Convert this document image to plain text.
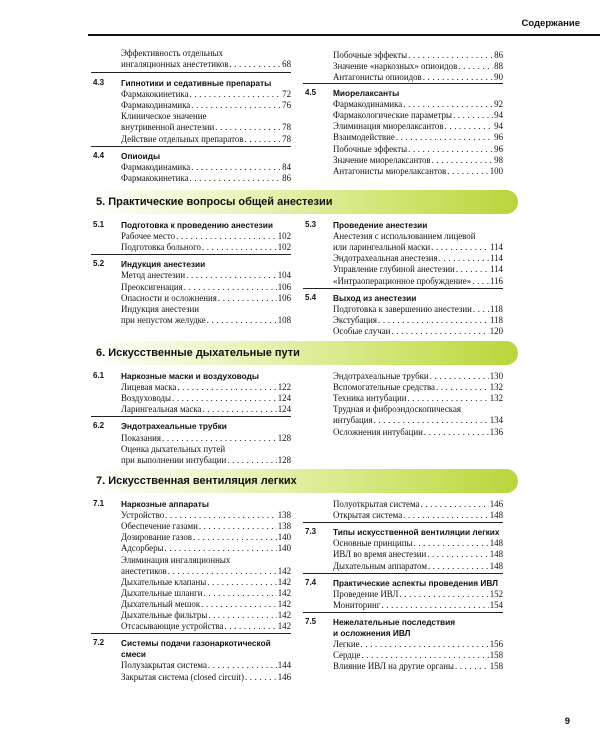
Содержание
Эффективность отдельных
ингаляционных анестетиков . . .	68
Побочные эффекты . . .	86
Значение «наркозных» опиоидов . . .	88
Антагонисты опиоидов . . .	90
4.3 Гипнотики и седативные препараты
Фармакокинетика . . .	72
Фармакодинамика . . .	76
Клиническое значение
внутривенной анестезии . . .	78
Действие отдельных препаратов . . .	78
4.4 Опиоиды
Фармакодинамика . . .	84
Фармакокинетика . . .	86
4.5 Миорелаксанты
Фармакодинамика . . .	92
Фармакологические параметры . . .	94
Элиминация миорелаксантов . . .	94
Взаимодействие . . .	96
Побочные эффекты . . .	96
Значение миорелаксантов . . .	98
Антагонисты миорелаксантов . . .	100
5. Практические вопросы общей анестезии
5.1 Подготовка к проведению анестезии
Рабочее место . . .	102
Подготовка больного . . .	102
5.2 Индукция анестезии
Метод анестезии . . .	104
Преоксигенация . . .	106
Опасности и осложнения . . .	106
Индукция анестезии
при непустом желудке . . .	108
5.3 Проведение анестезии
Анестезия с использованием лицевой
или ларингеальной маски . . .	114
Эндотрахеальная анестезия . . .	114
Управление глубиной анестезии . . .	114
«Интраоперационное пробуждение» . . . 116
5.4 Выход из анестезии
Подготовка к завершению анестезии . . . 118
Экстубация . . .	118
Особые случаи . . .	120
6. Искусственные дыхательные пути
6.1 Наркозные маски и воздуховоды
Лицевая маска . . .	122
Воздуховоды . . .	124
Ларингеальная маска . . .	124
6.2 Эндотрахеальные трубки
Показания . . .	128
Оценка дыхательных путей
при выполнении интубации . . .	128
Эндотрахеальные трубки . . .	130
Вспомогательные средства . . .	132
Техника интубации . . .	132
Трудная и фиброэндоскопическая
интубация . . .	134
Осложнения интубации . . .	136
7. Искусственная вентиляция легких
7.1 Наркозные аппараты
Устройство . . .	138
Обеспечение газами . . .	138
Дозирование газов . . .	140
Адсорберы . . .	140
Элиминация ингаляционных
анестетиков . . .	142
Дыхательные клапаны . . .	142
Дыхательные шланги . . .	142
Дыхательный мешок . . .	142
Дыхательные фильтры . . .	142
Отсасывающие устройства . . .	142
7.2 Системы подачи газонаркотической
смеси
Полузакрытая система . . .	144
Закрытая система (closed circuit) . . .	146
Полуоткрытая система . . .	146
Открытая система . . .	148
7.3 Типы искусственной вентиляции легких
Основные принципы . . .	148
ИВЛ во время анестезии . . .	148
Дыхательным аппаратом . . .	148
7.4 Практические аспекты проведения ИВЛ
Проведение ИВЛ . . .	152
Мониторинг . . .	154
7.5 Нежелательные последствия
и осложнения ИВЛ
Легкие . . .	156
Сердце . . .	158
Влияние ИВЛ на другие органы . . .	158
9
